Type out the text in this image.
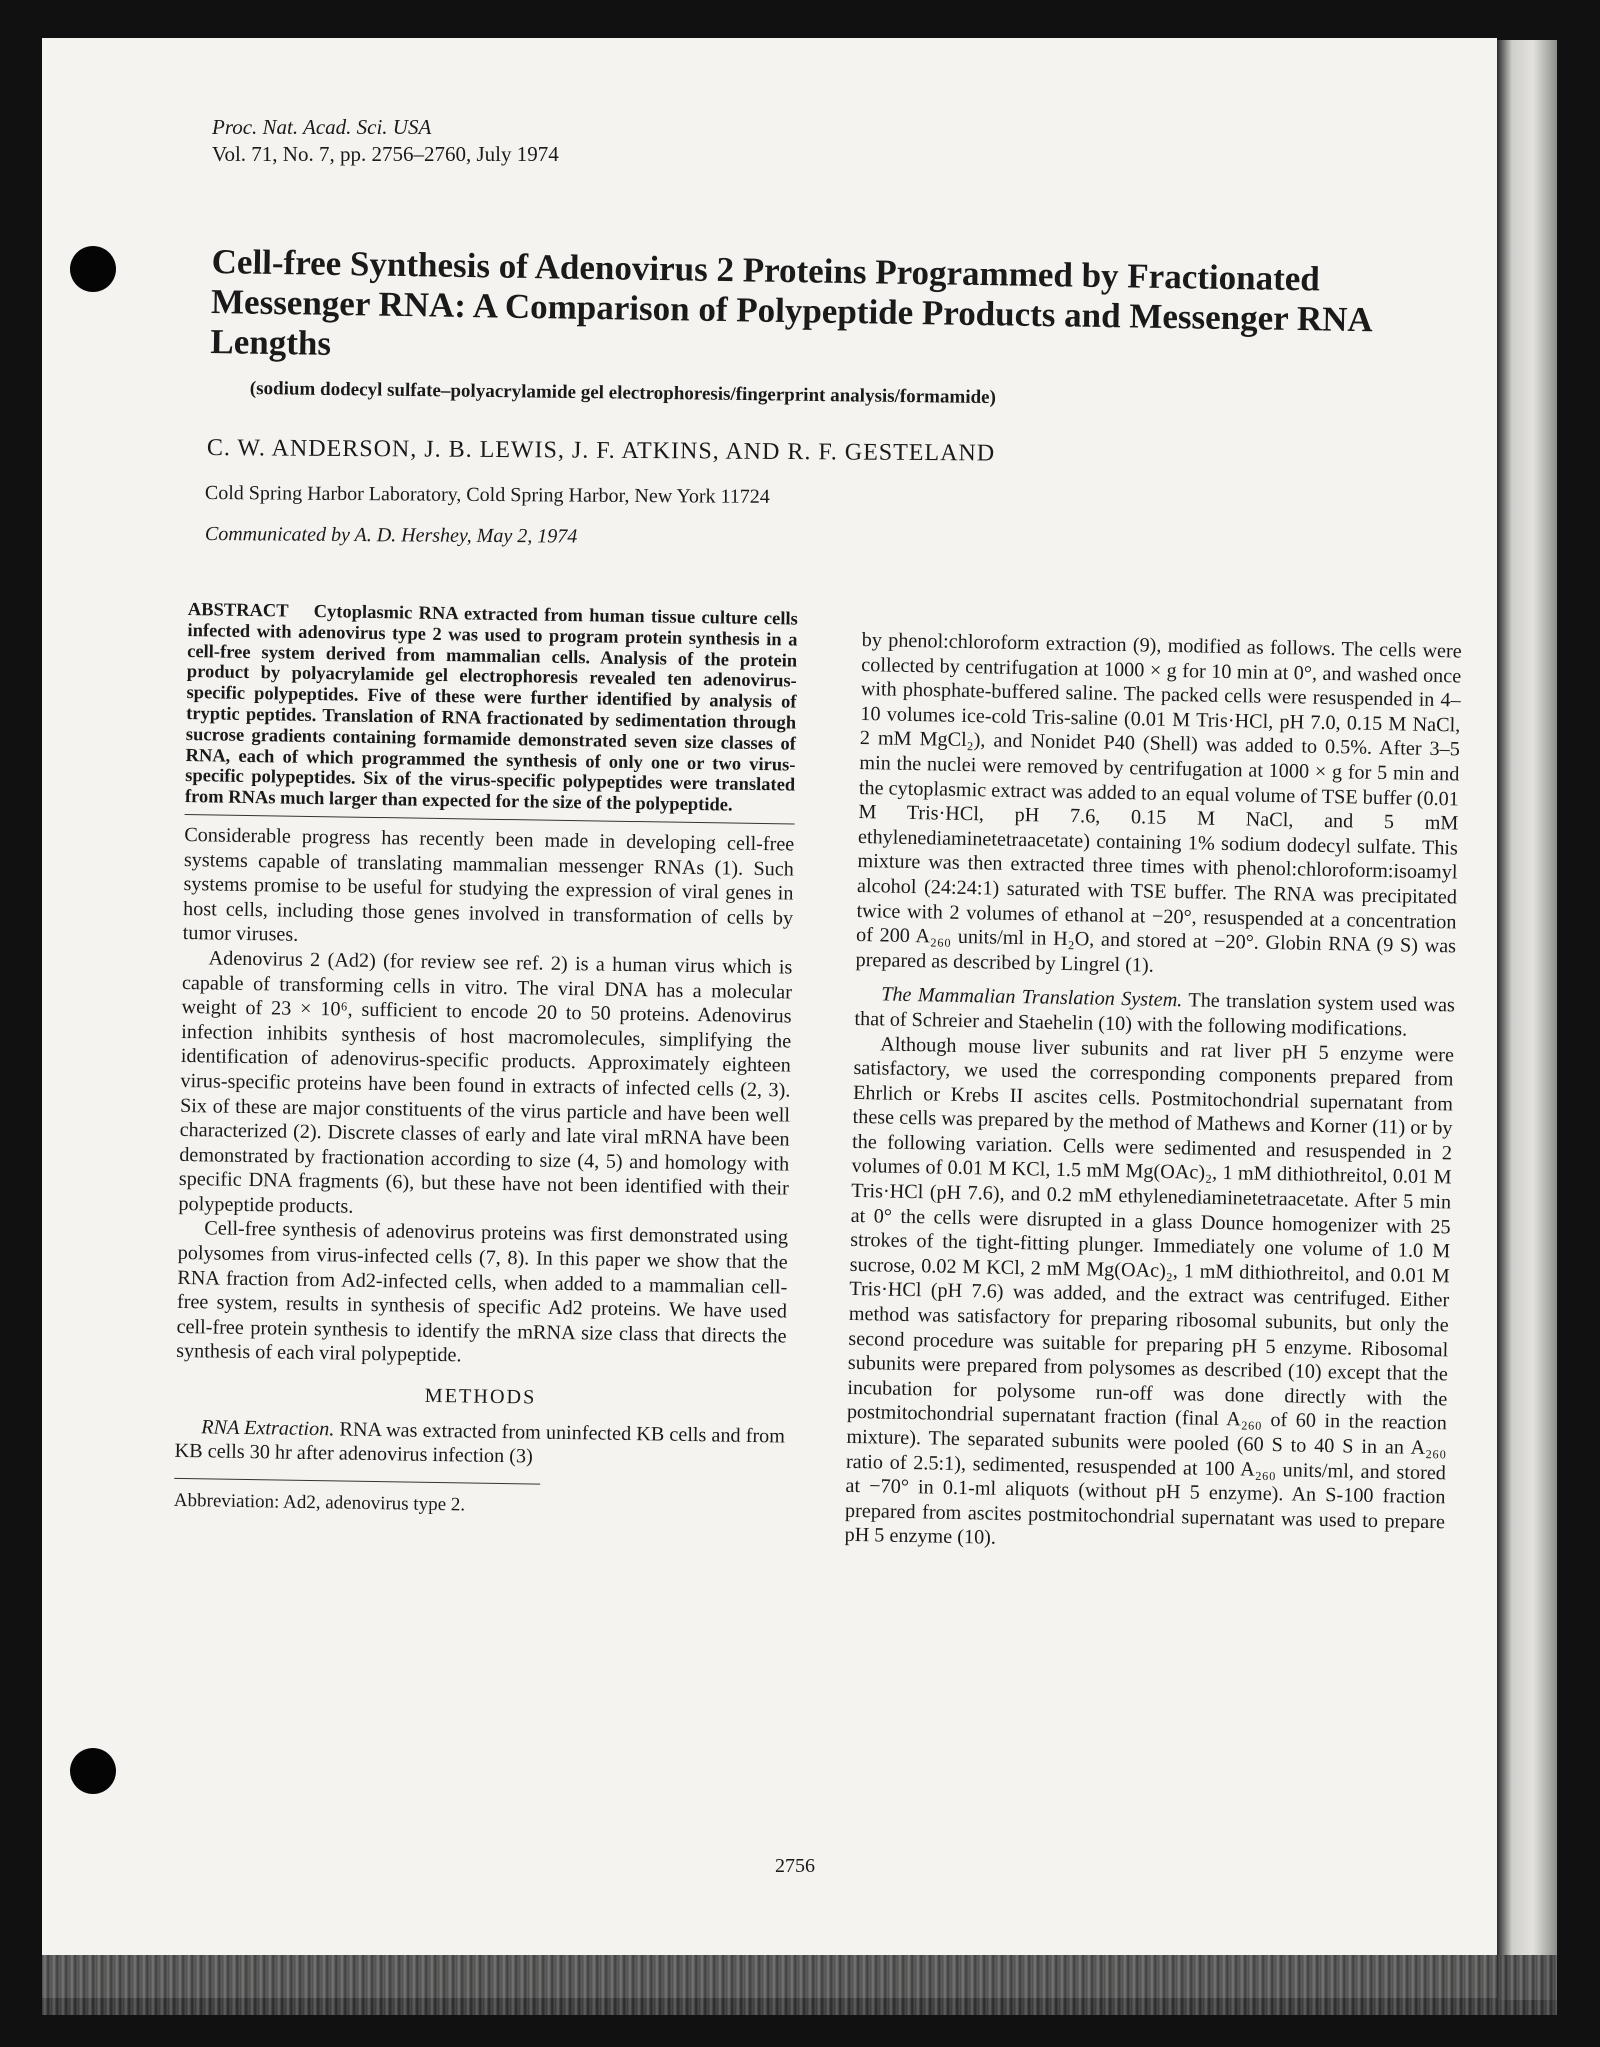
Proc. Nat. Acad. Sci. USA
Vol. 71, No. 7, pp. 2756–2760, July 1974
Cell-free Synthesis of Adenovirus 2 Proteins Programmed by Fractionated Messenger RNA: A Comparison of Polypeptide Products and Messenger RNA Lengths
(sodium dodecyl sulfate–polyacrylamide gel electrophoresis/fingerprint analysis/formamide)
C. W. ANDERSON, J. B. LEWIS, J. F. ATKINS, AND R. F. GESTELAND
Cold Spring Harbor Laboratory, Cold Spring Harbor, New York 11724
Communicated by A. D. Hershey, May 2, 1974
ABSTRACT Cytoplasmic RNA extracted from human tissue culture cells infected with adenovirus type 2 was used to program protein synthesis in a cell-free system derived from mammalian cells. Analysis of the protein product by polyacrylamide gel electrophoresis revealed ten adenovirus-specific polypeptides. Five of these were further identified by analysis of tryptic peptides. Translation of RNA fractionated by sedimentation through sucrose gradients containing formamide demonstrated seven size classes of RNA, each of which programmed the synthesis of only one or two virus-specific polypeptides. Six of the virus-specific polypeptides were translated from RNAs much larger than expected for the size of the polypeptide.

Considerable progress has recently been made in developing cell-free systems capable of translating mammalian messenger RNAs (1). Such systems promise to be useful for studying the expression of viral genes in host cells, including those genes involved in transformation of cells by tumor viruses.

Adenovirus 2 (Ad2) (for review see ref. 2) is a human virus which is capable of transforming cells in vitro. The viral DNA has a molecular weight of 23 × 10⁶, sufficient to encode 20 to 50 proteins. Adenovirus infection inhibits synthesis of host macromolecules, simplifying the identification of adenovirus-specific products. Approximately eighteen virus-specific proteins have been found in extracts of infected cells (2, 3). Six of these are major constituents of the virus particle and have been well characterized (2). Discrete classes of early and late viral mRNA have been demonstrated by fractionation according to size (4, 5) and homology with specific DNA fragments (6), but these have not been identified with their polypeptide products.

Cell-free synthesis of adenovirus proteins was first demonstrated using polysomes from virus-infected cells (7, 8). In this paper we show that the RNA fraction from Ad2-infected cells, when added to a mammalian cell-free system, results in synthesis of specific Ad2 proteins. We have used cell-free protein synthesis to identify the mRNA size class that directs the synthesis of each viral polypeptide.

METHODS

RNA Extraction. RNA was extracted from uninfected KB cells and from KB cells 30 hr after adenovirus infection (3)

Abbreviation: Ad2, adenovirus type 2.

by phenol:chloroform extraction (9), modified as follows. The cells were collected by centrifugation at 1000 × g for 10 min at 0°, and washed once with phosphate-buffered saline. The packed cells were resuspended in 4–10 volumes ice-cold Tris-saline (0.01 M Tris·HCl, pH 7.0, 0.15 M NaCl, 2 mM MgCl₂), and Nonidet P40 (Shell) was added to 0.5%. After 3–5 min the nuclei were removed by centrifugation at 1000 × g for 5 min and the cytoplasmic extract was added to an equal volume of TSE buffer (0.01 M Tris·HCl, pH 7.6, 0.15 M NaCl, and 5 mM ethylenediaminetetraacetate) containing 1% sodium dodecyl sulfate. This mixture was then extracted three times with phenol:chloroform:isoamyl alcohol (24:24:1) saturated with TSE buffer. The RNA was precipitated twice with 2 volumes of ethanol at −20°, resuspended at a concentration of 200 A₂₆₀ units/ml in H₂O, and stored at −20°. Globin RNA (9 S) was prepared as described by Lingrel (1).

The Mammalian Translation System. The translation system used was that of Schreier and Staehelin (10) with the following modifications.

Although mouse liver subunits and rat liver pH 5 enzyme were satisfactory, we used the corresponding components prepared from Ehrlich or Krebs II ascites cells. Postmitochondrial supernatant from these cells was prepared by the method of Mathews and Korner (11) or by the following variation. Cells were sedimented and resuspended in 2 volumes of 0.01 M KCl, 1.5 mM Mg(OAc)₂, 1 mM dithiothreitol, 0.01 M Tris·HCl (pH 7.6), and 0.2 mM ethylenediaminetetraacetate. After 5 min at 0° the cells were disrupted in a glass Dounce homogenizer with 25 strokes of the tight-fitting plunger. Immediately one volume of 1.0 M sucrose, 0.02 M KCl, 2 mM Mg(OAc)₂, 1 mM dithiothreitol, and 0.01 M Tris·HCl (pH 7.6) was added, and the extract was centrifuged. Either method was satisfactory for preparing ribosomal subunits, but only the second procedure was suitable for preparing pH 5 enzyme. Ribosomal subunits were prepared from polysomes as described (10) except that the incubation for polysome run-off was done directly with the postmitochondrial supernatant fraction (final A₂₆₀ of 60 in the reaction mixture). The separated subunits were pooled (60 S to 40 S in an A₂₆₀ ratio of 2.5:1), sedimented, resuspended at 100 A₂₆₀ units/ml, and stored at −70° in 0.1-ml aliquots (without pH 5 enzyme). An S-100 fraction prepared from ascites postmitochondrial supernatant was used to prepare pH 5 enzyme (10).

2756
